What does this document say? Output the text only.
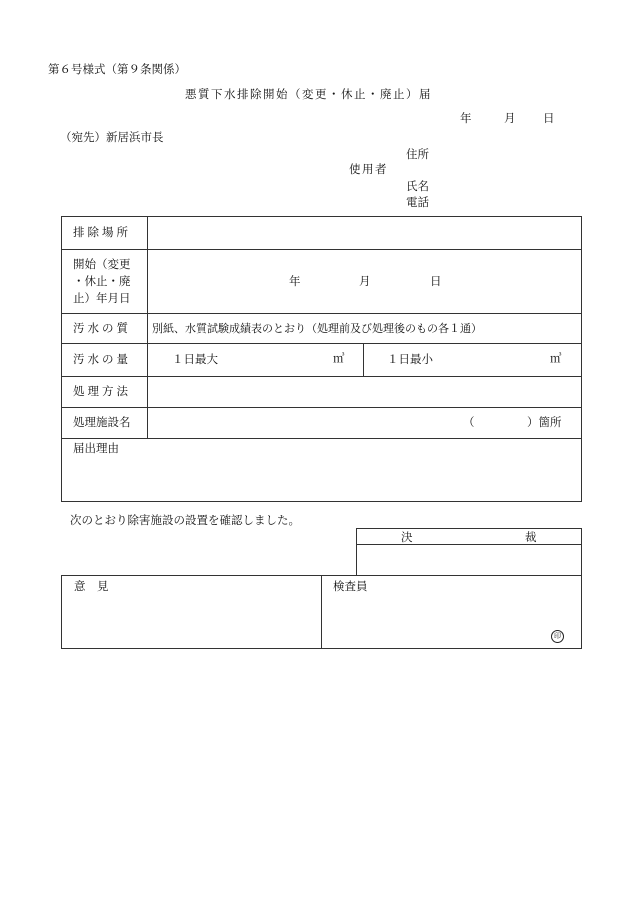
第６号様式（第９条関係）
悪質下水排除開始（変更・休止・廃止）届
年	月 日
（宛先）新居浜市長
住所
使用者
氏名
電話
排除場所
開始（変更
・休止・廃
止）年月日
年	月	日
汚水の質 別紙、水質試験成績表のとおり（処理前及び処理後のもの各１通）
汚水の量	１日最大	㎥	１日最小	㎥
処理方法
処理施設名	（	）箇所
届出理由
次のとおり除害施設の設置を確認しました。
決	裁
意　見	検査員
印
